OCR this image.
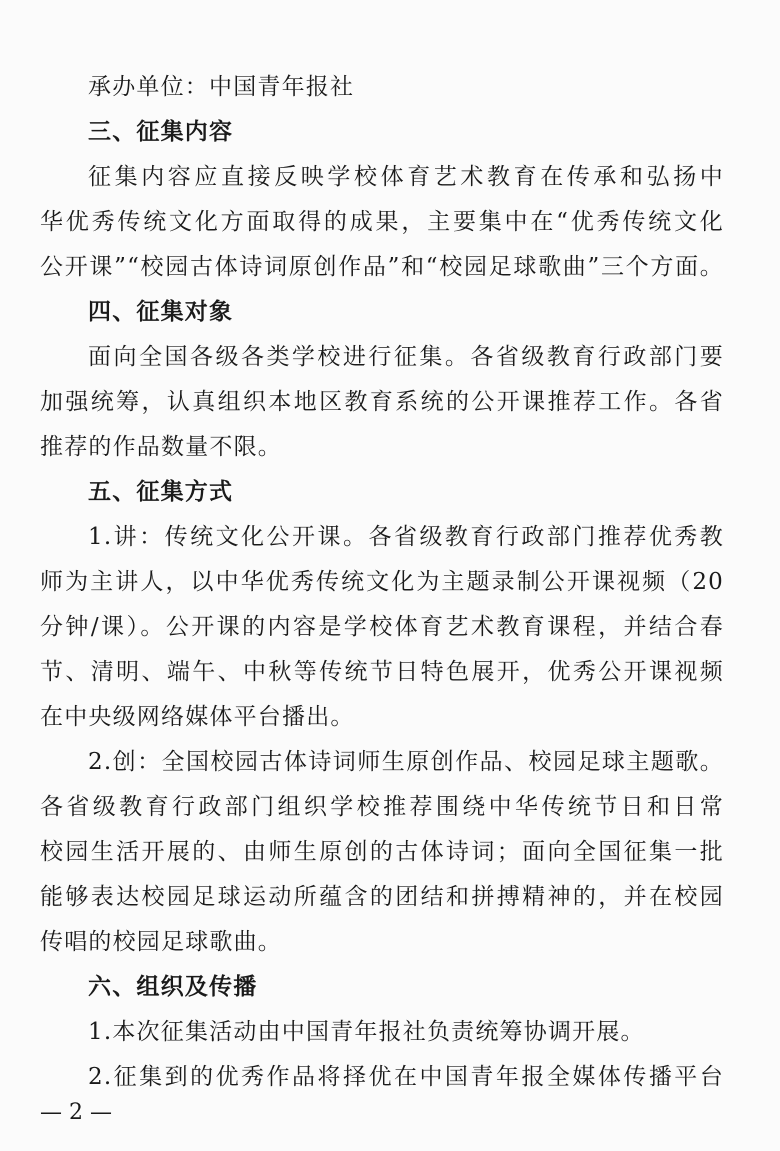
承办单位：中国青年报社
三、征集内容
征集内容应直接反映学校体育艺术教育在传承和弘扬中
华优秀传统文化方面取得的成果，主要集中在“优秀传统文化
公开课”“校园古体诗词原创作品”和“校园足球歌曲”三个方面。
四、征集对象
面向全国各级各类学校进行征集。各省级教育行政部门要
加强统筹，认真组织本地区教育系统的公开课推荐工作。各省
推荐的作品数量不限。
五、征集方式
1.讲：传统文化公开课。各省级教育行政部门推荐优秀教
师为主讲人，以中华优秀传统文化为主题录制公开课视频（20
分钟/课）。公开课的内容是学校体育艺术教育课程，并结合春
节、清明、端午、中秋等传统节日特色展开，优秀公开课视频
在中央级网络媒体平台播出。
2.创：全国校园古体诗词师生原创作品、校园足球主题歌。
各省级教育行政部门组织学校推荐围绕中华传统节日和日常
校园生活开展的、由师生原创的古体诗词；面向全国征集一批
能够表达校园足球运动所蕴含的团结和拼搏精神的，并在校园
传唱的校园足球歌曲。
六、组织及传播
1.本次征集活动由中国青年报社负责统筹协调开展。
2.征集到的优秀作品将择优在中国青年报全媒体传播平台
— 2 —
